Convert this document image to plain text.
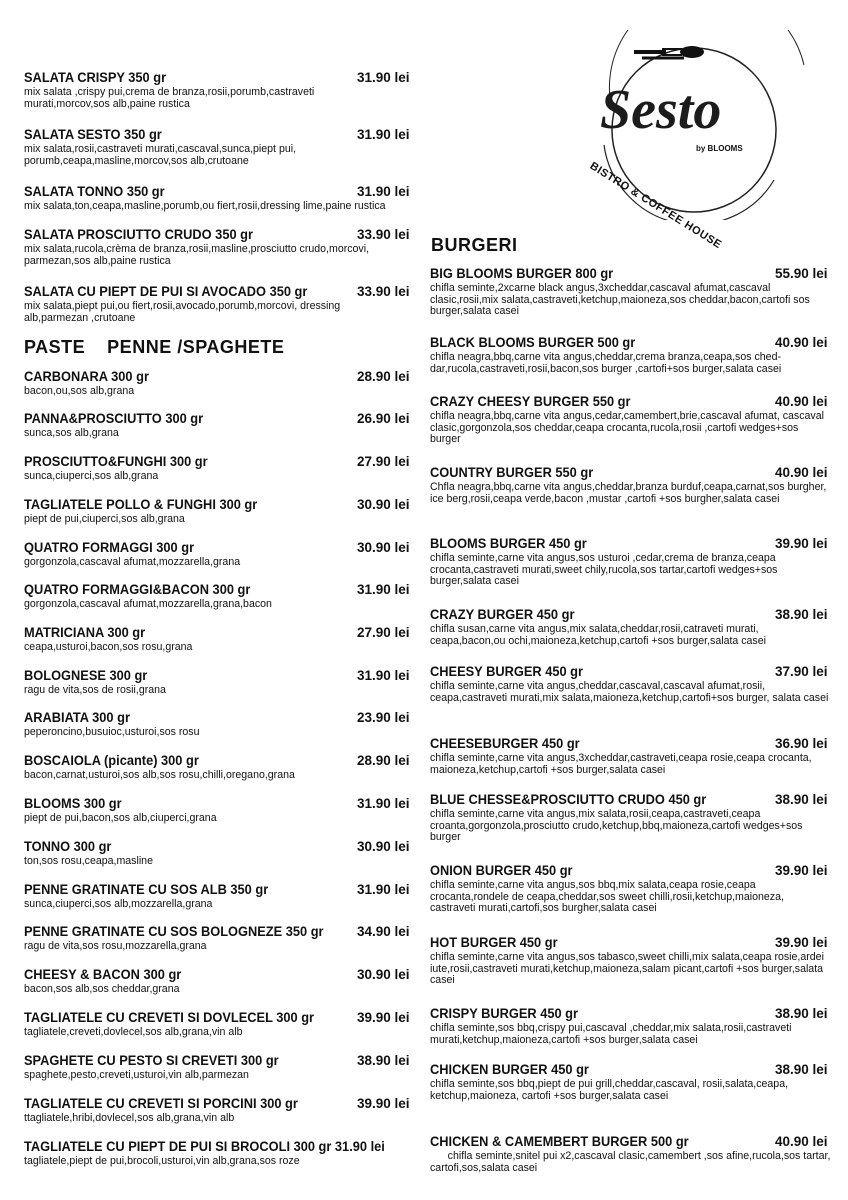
Sesto
by BLOOMS
BISTRO & COFFEE HOUSE
SALATA CRISPY 350 gr	31.90 lei
mix salata ,crispy pui,crema de branza,rosii,porumb,castraveti murati,morcov,sos alb,paine rustica
SALATA SESTO 350 gr	31.90 lei
mix salata,rosii,castraveti murati,cascaval,sunca,piept pui, porumb,ceapa,masline,morcov,sos alb,crutoane
SALATA TONNO 350 gr	31.90 lei
mix salata,ton,ceapa,masline,porumb,ou fiert,rosii,dressing lime,paine rustica
SALATA PROSCIUTTO CRUDO 350 gr	33.90 lei
mix salata,rucola,crèma de branza,rosii,masline,prosciutto crudo,morcovi, parmezan,sos alb,paine rustica
SALATA CU PIEPT DE PUI SI AVOCADO 350 gr	33.90 lei
mix salata,piept pui,ou fiert,rosii,avocado,porumb,morcovi, dressing alb,parmezan ,crutoane
PASTE    PENNE /SPAGHETE
CARBONARA 300 gr	28.90 lei
bacon,ou,sos alb,grana
PANNA&PROSCIUTTO 300 gr	26.90 lei
sunca,sos alb,grana
PROSCIUTTO&FUNGHI 300 gr	27.90 lei
sunca,ciuperci,sos alb,grana
TAGLIATELE POLLO & FUNGHI 300 gr	30.90 lei
piept de pui,ciuperci,sos alb,grana
QUATRO FORMAGGI 300 gr	30.90 lei
gorgonzola,cascaval afumat,mozzarella,grana
QUATRO FORMAGGI&BACON 300 gr	31.90 lei
gorgonzola,cascaval afumat,mozzarella,grana,bacon
MATRICIANA 300 gr	27.90 lei
ceapa,usturoi,bacon,sos rosu,grana
BOLOGNESE 300 gr	31.90 lei
ragu de vita,sos de rosii,grana
ARABIATA 300 gr	23.90 lei
peperoncino,busuioc,usturoi,sos rosu
BOSCAIOLA (picante) 300 gr	28.90 lei
bacon,carnat,usturoi,sos alb,sos rosu,chilli,oregano,grana
BLOOMS 300 gr	31.90 lei
piept de pui,bacon,sos alb,ciuperci,grana
TONNO 300 gr	30.90 lei
ton,sos rosu,ceapa,masline
PENNE GRATINATE CU SOS ALB 350 gr	31.90 lei
sunca,ciuperci,sos alb,mozzarella,grana
PENNE GRATINATE CU SOS BOLOGNEZE 350 gr 34.90 lei
ragu de vita,sos rosu,mozzarella,grana
CHEESY & BACON 300 gr	30.90 lei
bacon,sos alb,sos cheddar,grana
TAGLIATELE CU CREVETI SI DOVLECEL 300 gr	39.90 lei
tagliatele,creveti,dovlecel,sos alb,grana,vin alb
SPAGHETE CU PESTO SI CREVETI 300 gr	38.90 lei
spaghete,pesto,creveti,usturoi,vin alb,parmezan
TAGLIATELE CU CREVETI SI PORCINI 300 gr	39.90 lei
ttagliatele,hribi,dovlecel,sos alb,grana,vin alb
TAGLIATELE CU PIEPT DE PUI SI BROCOLI 300 gr 31.90 lei
tagliatele,piept de pui,brocoli,usturoi,vin alb,grana,sos roze
BURGERI
BIG BLOOMS BURGER 800 gr	55.90 lei
chifla seminte,2xcarne black angus,3xcheddar,cascaval afumat,cascaval clasic,rosii,mix salata,castraveti,ketchup,maioneza,sos cheddar,bacon,cartofi sos burger,salata casei
BLACK BLOOMS BURGER 500 gr	40.90 lei
chifla neagra,bbq,carne vita angus,cheddar,crema branza,ceapa,sos ched-dar,rucola,castraveti,rosii,bacon,sos burger ,cartofi+sos burger,salata casei
CRAZY CHEESY BURGER 550 gr	40.90 lei
chifla neagra,bbq,carne vita angus,cedar,camembert,brie,cascaval afumat, cascaval clasic,gorgonzola,sos cheddar,ceapa crocanta,rucola,rosii ,cartofi wedges+sos burger
COUNTRY BURGER 550 gr	40.90 lei
Chfla neagra,bbq,carne vita angus,cheddar,branza burduf,ceapa,carnat,sos burgher, ice berg,rosii,ceapa verde,bacon ,mustar ,cartofi +sos burgher,salata casei
BLOOMS BURGER 450 gr	39.90 lei
chifla seminte,carne vita angus,sos usturoi ,cedar,crema de branza,ceapa crocanta,castraveti murati,sweet chily,rucola,sos tartar,cartofi wedges+sos burger,salata casei
CRAZY BURGER 450 gr	38.90 lei
chifla susan,carne vita angus,mix salata,cheddar,rosii,catraveti murati, ceapa,bacon,ou ochi,maioneza,ketchup,cartofi +sos burger,salata casei
CHEESY BURGER 450 gr	37.90 lei
chifla seminte,carne vita angus,cheddar,cascaval,cascaval afumat,rosii, ceapa,castraveti murati,mix salata,maioneza,ketchup,cartofi+sos burger, salata casei
CHEESEBURGER 450 gr	36.90 lei
chifla seminte,carne vita angus,3xcheddar,castraveti,ceapa rosie,ceapa crocanta, maioneza,ketchup,cartofi +sos burger,salata casei
BLUE CHESSE&PROSCIUTTO CRUDO 450 gr	38.90 lei
chifla seminte,carne vita angus,mix salata,rosii,ceapa,castraveti,ceapa croanta,gorgonzola,prosciutto crudo,ketchup,bbq,maioneza,cartofi wedges+sos burger
ONION BURGER 450 gr	39.90 lei
chifla seminte,carne vita angus,sos bbq,mix salata,ceapa rosie,ceapa crocanta,rondele de ceapa,cheddar,sos sweet chilli,rosii,ketchup,maioneza, castraveti murati,cartofi,sos burgher,salata casei
HOT BURGER 450 gr	39.90 lei
chifla seminte,carne vita angus,sos tabasco,sweet chilli,mix salata,ceapa rosie,ardei iute,rosii,castraveti murati,ketchup,maioneza,salam picant,cartofi +sos burger,salata casei
CRISPY BURGER 450 gr	38.90 lei
chifla seminte,sos bbq,crispy pui,cascaval ,cheddar,mix salata,rosii,castraveti murati,ketchup,maioneza,cartofi +sos burger,salata casei
CHICKEN BURGER 450 gr	38.90 lei
chifla seminte,sos bbq,piept de pui grill,cheddar,cascaval, rosii,salata,ceapa, ketchup,maioneza, cartofi +sos burger,salata casei
CHICKEN & CAMEMBERT BURGER 500 gr	40.90 lei
chifla seminte,snitel pui x2,cascaval clasic,camembert ,sos afine,rucola,sos tartar, cartofi,sos,salata casei
